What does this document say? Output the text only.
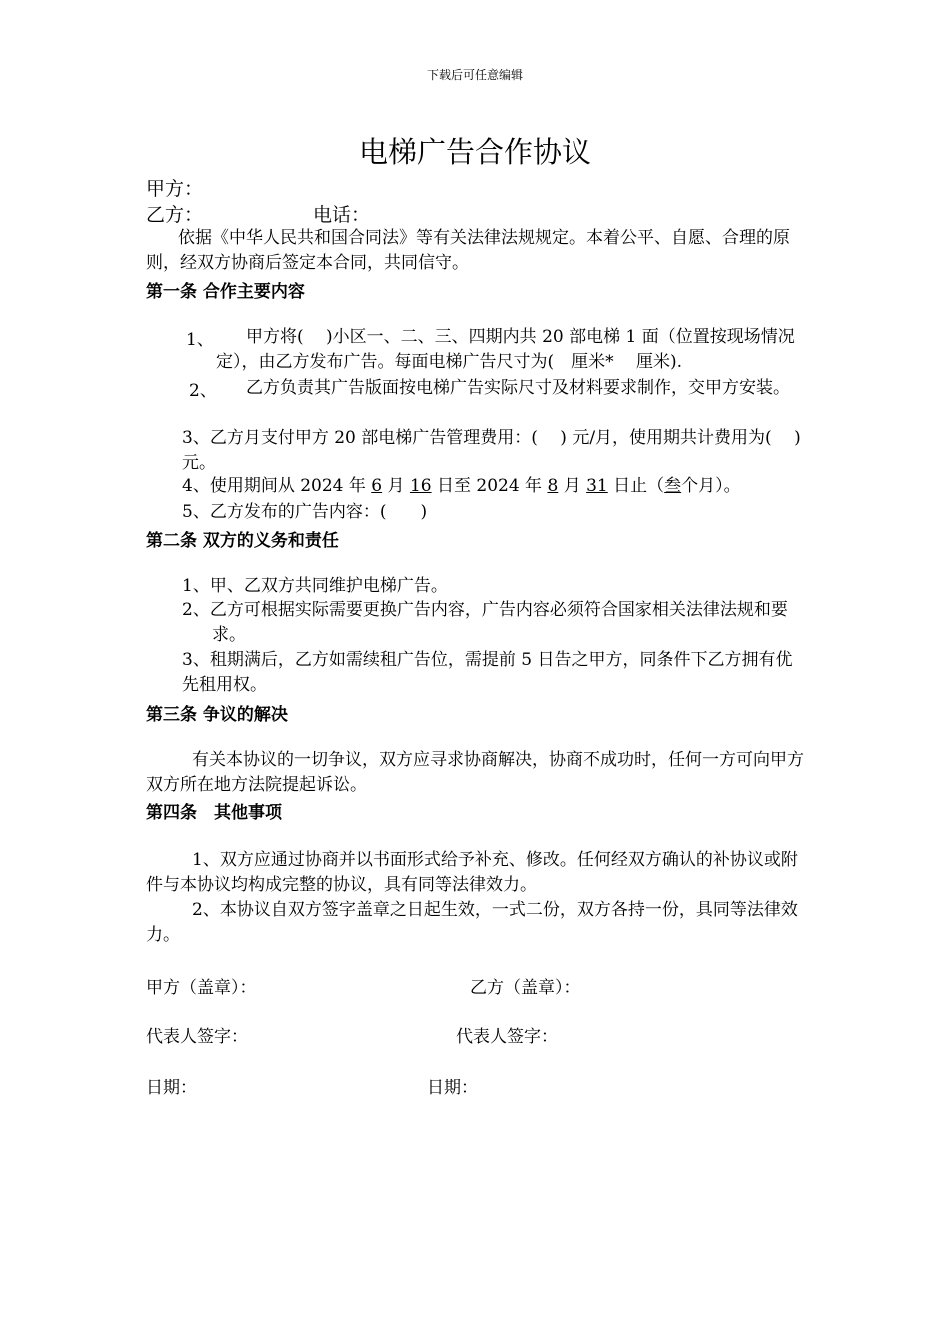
下载后可任意编辑
电梯广告合作协议
甲方：
乙方：	电话：
依据《中华人民共和国合同法》等有关法律法规规定。本着公平、自愿、合理的原则，经双方协商后签定本合同，共同信守。
第一条 合作主要内容
1、	甲方将(　 )小区一、二、三、四期内共 20 部电梯 1 面（位置按现场情况定），由乙方发布广告。每面电梯广告尺寸为(　厘米*　 厘米).
2、	乙方负责其广告版面按电梯广告实际尺寸及材料要求制作，交甲方安装。
3、乙方月支付甲方 20 部电梯广告管理费用：(　 ) 元/月，使用期共计费用为(　 )元。
4、使用期间从 2024 年 6 月 16 日至 2024 年 8 月 31 日止（叁个月）。
5、乙方发布的广告内容：(　　)
第二条 双方的义务和责任
1、甲、乙双方共同维护电梯广告。
2、乙方可根据实际需要更换广告内容，广告内容必须符合国家相关法律法规和要求。
3、租期满后，乙方如需续租广告位，需提前 5 日告之甲方，同条件下乙方拥有优先租用权。
第三条 争议的解决
有关本协议的一切争议，双方应寻求协商解决，协商不成功时，任何一方可向甲方双方所在地方法院提起诉讼。
第四条　其他事项
1、双方应通过协商并以书面形式给予补充、修改。任何经双方确认的补协议或附件与本协议均构成完整的协议，具有同等法律效力。
2、本协议自双方签字盖章之日起生效，一式二份，双方各持一份，具同等法律效力。
甲方（盖章）：	乙方（盖章）：
代表人签字：	代表人签字：
日期：	日期：
